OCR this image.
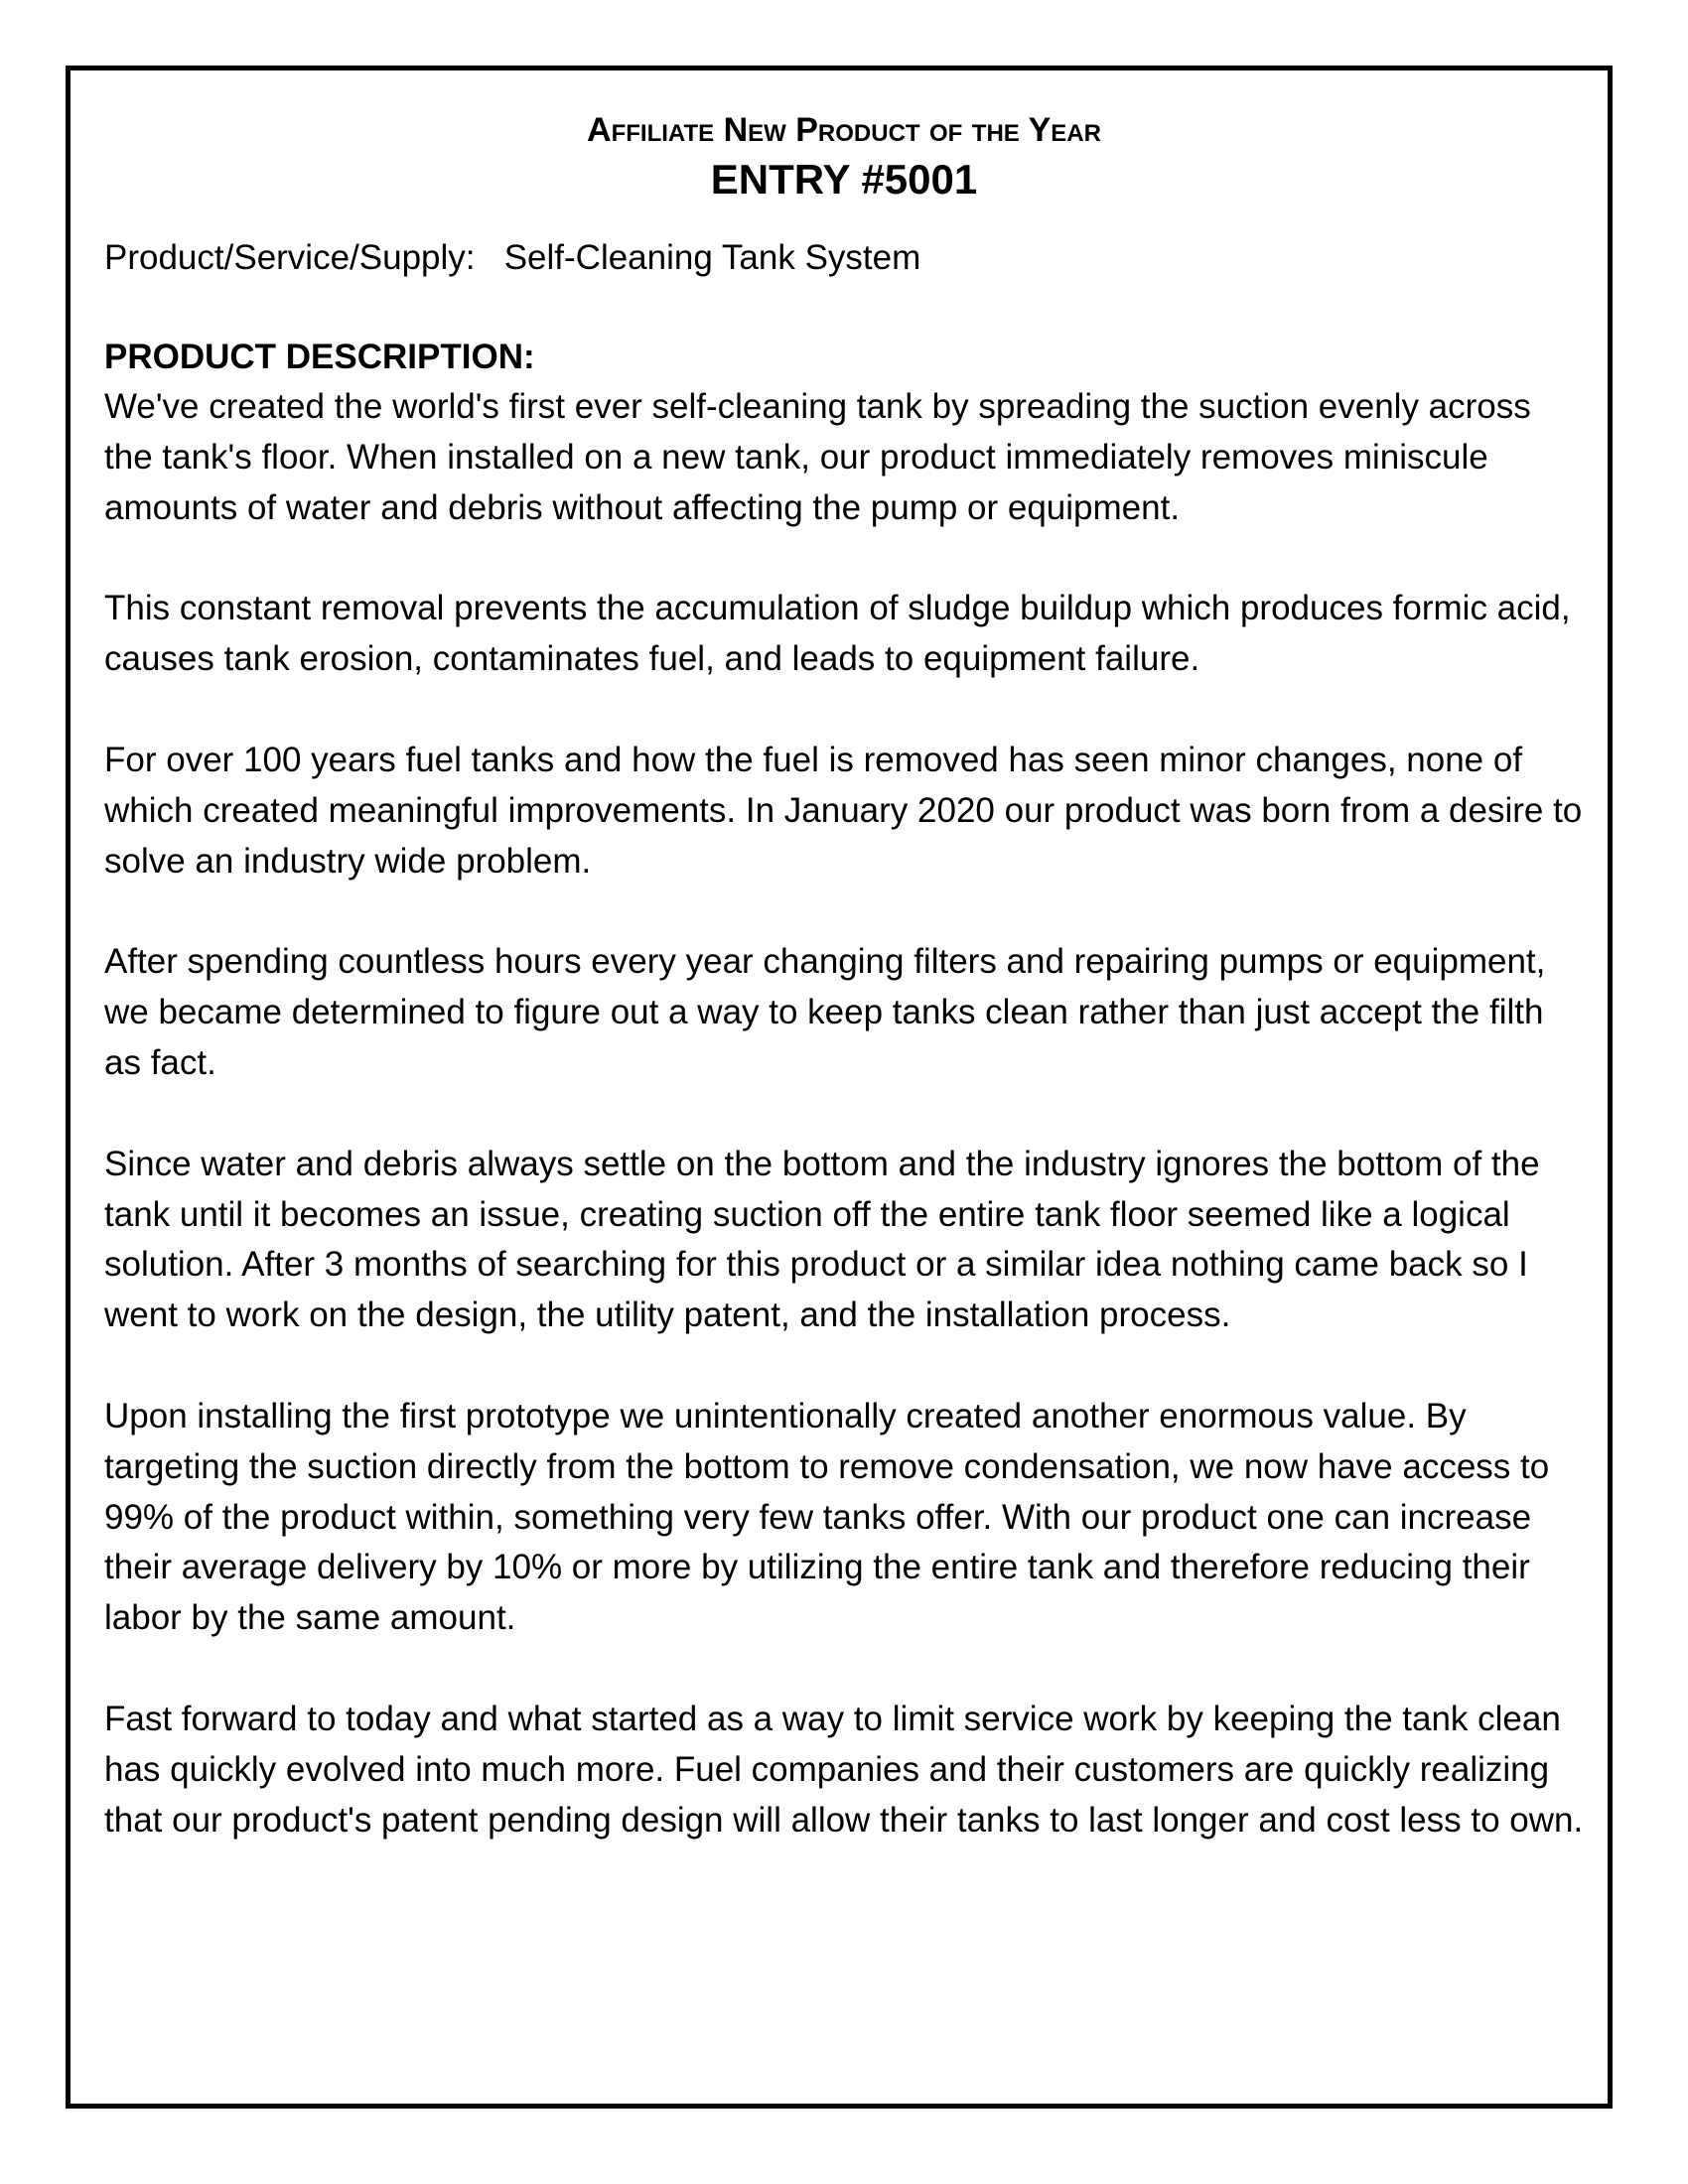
Affiliate New Product of the Year
ENTRY #5001

Product/Service/Supply: Self-Cleaning Tank System

PRODUCT DESCRIPTION:

We've created the world's first ever self-cleaning tank by spreading the suction evenly across the tank's floor. When installed on a new tank, our product immediately removes miniscule amounts of water and debris without affecting the pump or equipment.

This constant removal prevents the accumulation of sludge buildup which produces formic acid, causes tank erosion, contaminates fuel, and leads to equipment failure.

For over 100 years fuel tanks and how the fuel is removed has seen minor changes, none of which created meaningful improvements. In January 2020 our product was born from a desire to solve an industry wide problem.

After spending countless hours every year changing filters and repairing pumps or equipment, we became determined to figure out a way to keep tanks clean rather than just accept the filth as fact.

Since water and debris always settle on the bottom and the industry ignores the bottom of the tank until it becomes an issue, creating suction off the entire tank floor seemed like a logical solution. After 3 months of searching for this product or a similar idea nothing came back so I went to work on the design, the utility patent, and the installation process.

Upon installing the first prototype we unintentionally created another enormous value. By targeting the suction directly from the bottom to remove condensation, we now have access to 99% of the product within, something very few tanks offer. With our product one can increase their average delivery by 10% or more by utilizing the entire tank and therefore reducing their labor by the same amount.

Fast forward to today and what started as a way to limit service work by keeping the tank clean has quickly evolved into much more. Fuel companies and their customers are quickly realizing that our product's patent pending design will allow their tanks to last longer and cost less to own.
